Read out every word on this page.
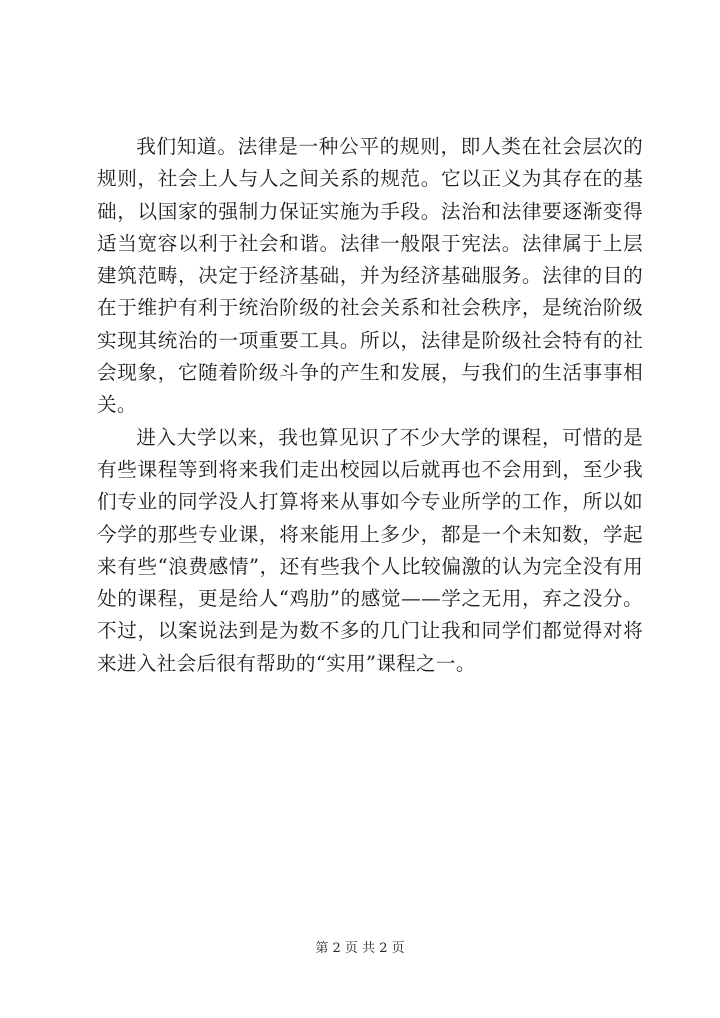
我们知道。法律是一种公平的规则，即人类在社会层次的规则，社会上人与人之间关系的规范。它以正义为其存在的基础，以国家的强制力保证实施为手段。法治和法律要逐渐变得适当宽容以利于社会和谐。法律一般限于宪法。法律属于上层建筑范畴，决定于经济基础，并为经济基础服务。法律的目的在于维护有利于统治阶级的社会关系和社会秩序，是统治阶级实现其统治的一项重要工具。所以，法律是阶级社会特有的社会现象，它随着阶级斗争的产生和发展，与我们的生活事事相关。

进入大学以来，我也算见识了不少大学的课程，可惜的是有些课程等到将来我们走出校园以后就再也不会用到，至少我们专业的同学没人打算将来从事如今专业所学的工作，所以如今学的那些专业课，将来能用上多少，都是一个未知数，学起来有些“浪费感情”，还有些我个人比较偏激的认为完全没有用处的课程，更是给人“鸡肋”的感觉——学之无用，弃之没分。不过，以案说法到是为数不多的几门让我和同学们都觉得对将来进入社会后很有帮助的“实用”课程之一。

第 2 页 共 2 页
